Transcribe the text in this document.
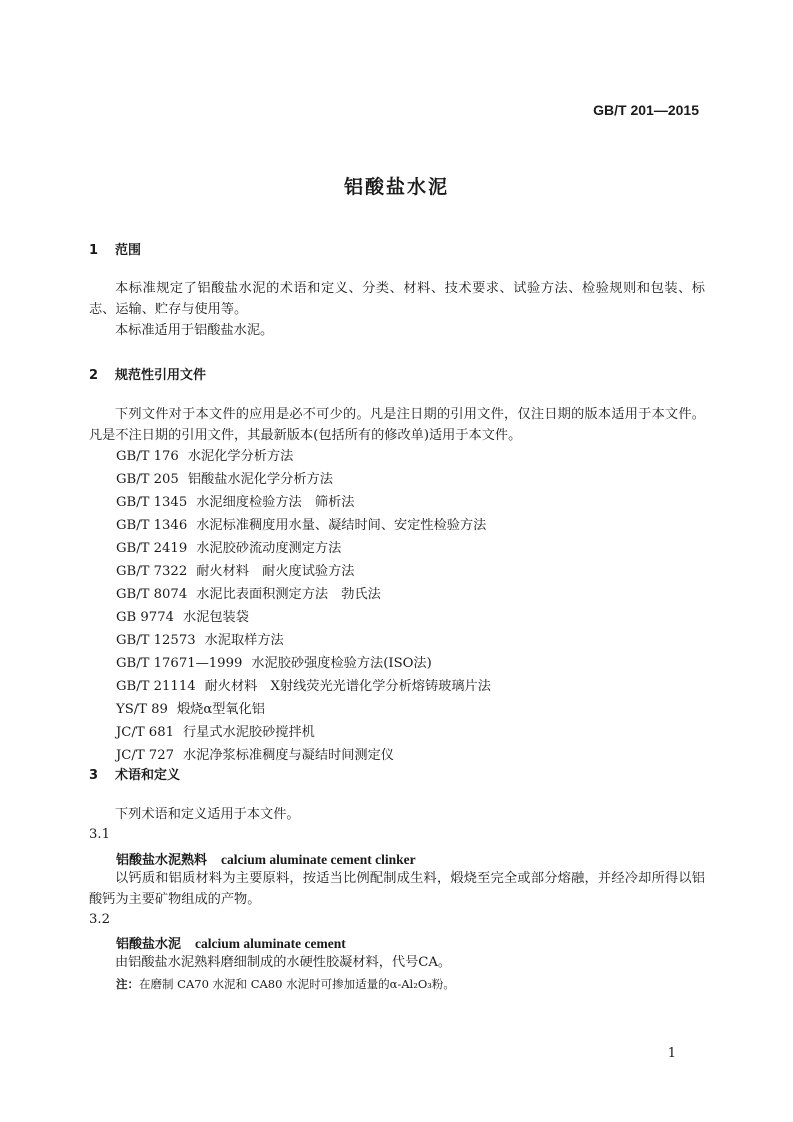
GB/T 201—2015
铝酸盐水泥
1 范围
本标准规定了铝酸盐水泥的术语和定义、分类、材料、技术要求、试验方法、检验规则和包装、标志、运输、贮存与使用等。
本标准适用于铝酸盐水泥。
2 规范性引用文件
下列文件对于本文件的应用是必不可少的。凡是注日期的引用文件，仅注日期的版本适用于本文件。凡是不注日期的引用文件，其最新版本(包括所有的修改单)适用于本文件。
GB/T 176 水泥化学分析方法
GB/T 205 铝酸盐水泥化学分析方法
GB/T 1345 水泥细度检验方法　筛析法
GB/T 1346 水泥标准稠度用水量、凝结时间、安定性检验方法
GB/T 2419 水泥胶砂流动度测定方法
GB/T 7322 耐火材料　耐火度试验方法
GB/T 8074 水泥比表面积测定方法　勃氏法
GB 9774 水泥包装袋
GB/T 12573 水泥取样方法
GB/T 17671—1999 水泥胶砂强度检验方法(ISO法)
GB/T 21114 耐火材料　X射线荧光光谱化学分析熔铸玻璃片法
YS/T 89 煅烧α型氧化铝
JC/T 681 行星式水泥胶砂搅拌机
JC/T 727 水泥净浆标准稠度与凝结时间测定仪
3 术语和定义
下列术语和定义适用于本文件。
3.1
铝酸盐水泥熟料 calcium aluminate cement clinker
以钙质和铝质材料为主要原料，按适当比例配制成生料，煅烧至完全或部分熔融，并经冷却所得以铝酸钙为主要矿物组成的产物。
3.2
铝酸盐水泥 calcium aluminate cement
由铝酸盐水泥熟料磨细制成的水硬性胶凝材料，代号CA。
注：在磨制 CA70 水泥和 CA80 水泥时可掺加适量的α-Al₂O₃粉。
1
